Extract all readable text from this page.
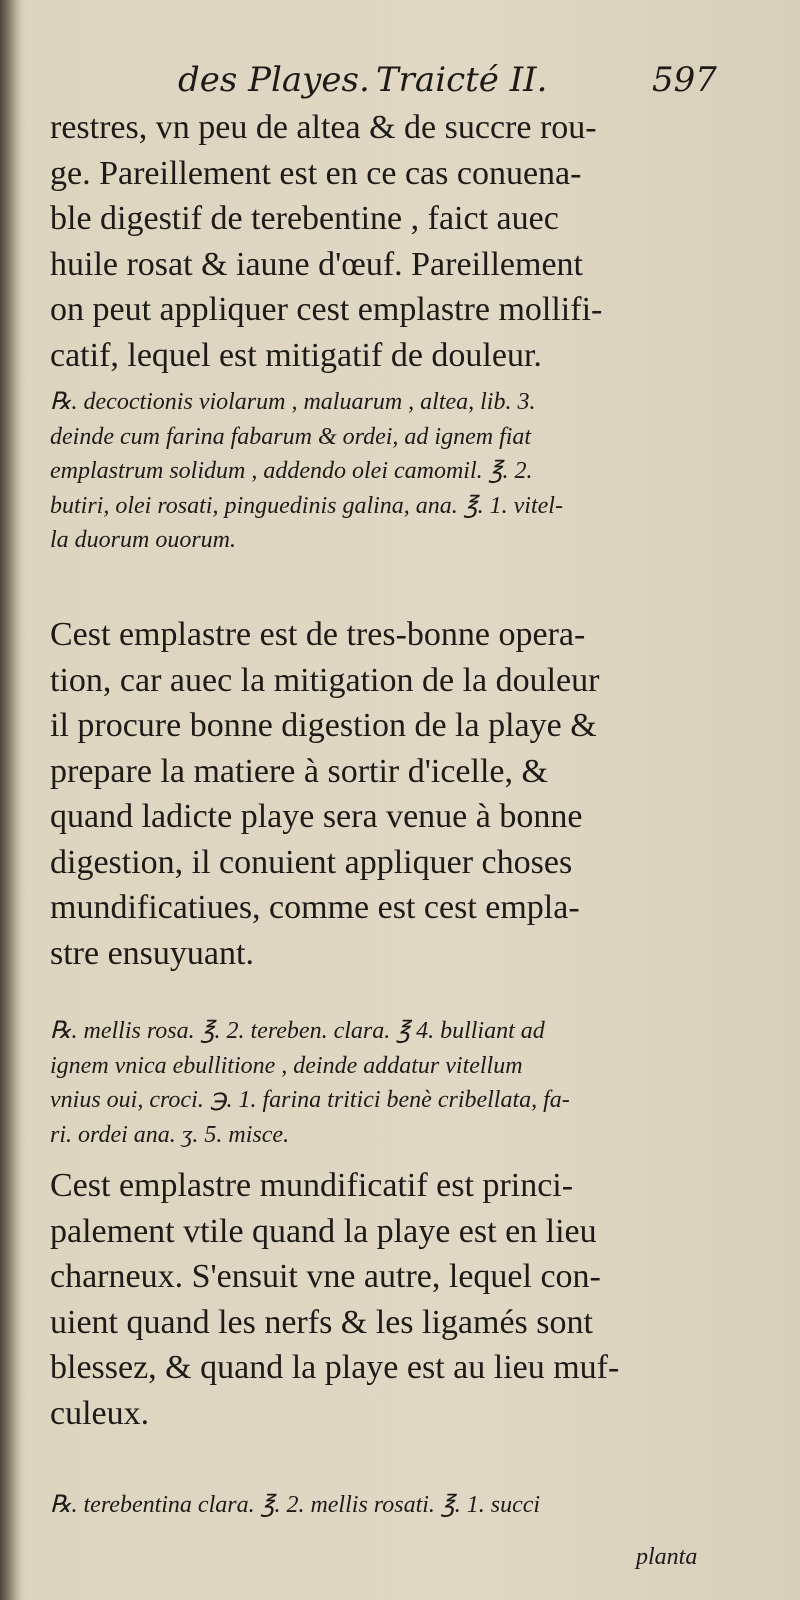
des Playes. Traicté II.	597
restres, vn peu de altea & de succre rou-
ge. Pareillement est en ce cas conuena-
ble digestif de terebentine , faict auec
huile rosat & iaune d'œuf. Pareillement
on peut appliquer cest emplastre mollifi-
catif, lequel est mitigatif de douleur.
℞. decoctionis violarum , maluarum , altea, lib. 3.
deinde cum farina fabarum & ordei, ad ignem fiat
emplastrum solidum , addendo olei camomil. ℥. 2.
butiri, olei rosati, pinguedinis galina, ana. ℥. 1. vitel-
la duorum ouorum.
Cest emplastre est de tres-bonne opera-
tion, car auec la mitigation de la douleur
il procure bonne digestion de la playe &
prepare la matiere à sortir d'icelle, &
quand ladicte playe sera venue à bonne
digestion, il conuient appliquer choses
mundificatiues, comme est cest empla-
stre ensuyuant.
℞. mellis rosa. ℥. 2. tereben. clara. ℥ 4. bulliant ad
ignem vnica ebullitione , deinde addatur vitellum
vnius oui, croci. ℈. 1. farina tritici benè cribellata, fa-
ri. ordei ana. ʒ. 5. misce.
Cest emplastre mundificatif est princi-
palement vtile quand la playe est en lieu
charneux. S'ensuit vne autre, lequel con-
uient quand les nerfs & les ligamés sont
blessez, & quand la playe est au lieu muf-
culeux.
℞. terebentina clara. ℥. 2. mellis rosati. ℥. 1. succi
planta
